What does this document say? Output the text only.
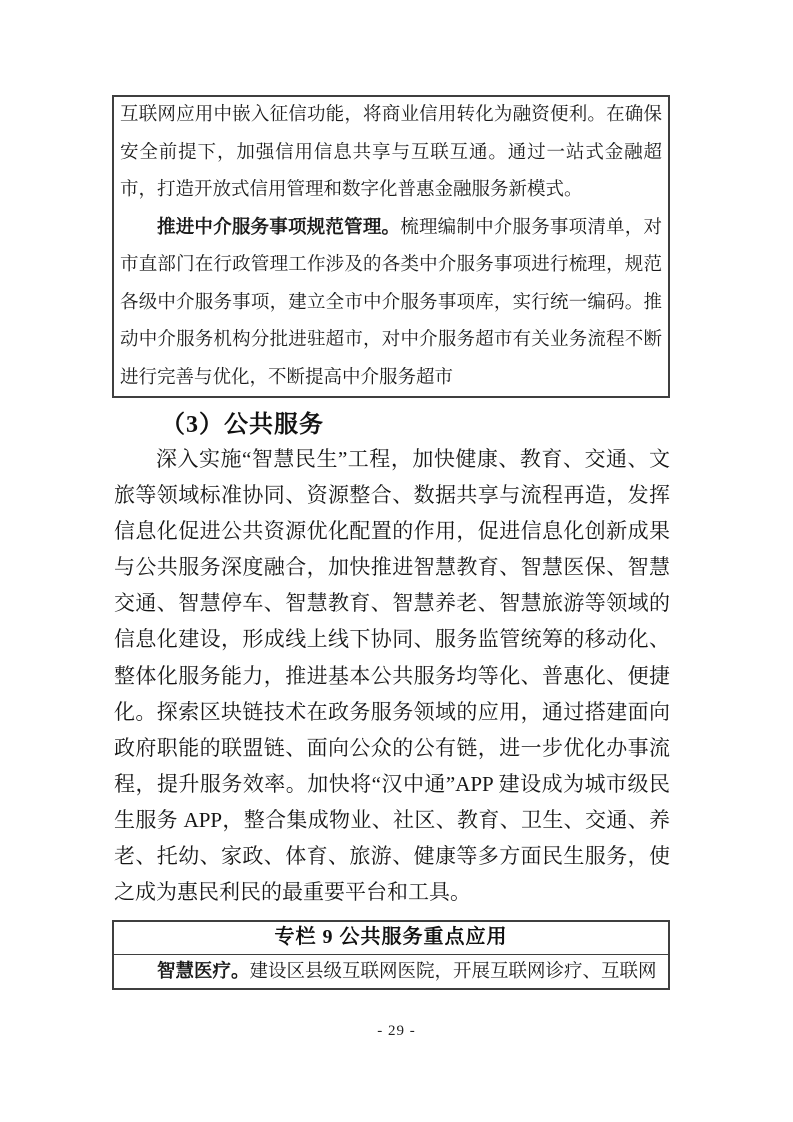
互联网应用中嵌入征信功能，将商业信用转化为融资便利。在确保安全前提下，加强信用信息共享与互联互通。通过一站式金融超市，打造开放式信用管理和数字化普惠金融服务新模式。

推进中介服务事项规范管理。梳理编制中介服务事项清单，对市直部门在行政管理工作涉及的各类中介服务事项进行梳理，规范各级中介服务事项，建立全市中介服务事项库，实行统一编码。推动中介服务机构分批进驻超市，对中介服务超市有关业务流程不断进行完善与优化，不断提高中介服务超市

（3）公共服务

深入实施“智慧民生”工程，加快健康、教育、交通、文旅等领域标准协同、资源整合、数据共享与流程再造，发挥信息化促进公共资源优化配置的作用，促进信息化创新成果与公共服务深度融合，加快推进智慧教育、智慧医保、智慧交通、智慧停车、智慧教育、智慧养老、智慧旅游等领域的信息化建设，形成线上线下协同、服务监管统筹的移动化、整体化服务能力，推进基本公共服务均等化、普惠化、便捷化。探索区块链技术在政务服务领域的应用，通过搭建面向政府职能的联盟链、面向公众的公有链，进一步优化办事流程，提升服务效率。加快将“汉中通”APP 建设成为城市级民生服务 APP，整合集成物业、社区、教育、卫生、交通、养老、托幼、家政、体育、旅游、健康等多方面民生服务，使之成为惠民利民的最重要平台和工具。

专栏 9 公共服务重点应用
智慧医疗。建设区县级互联网医院，开展互联网诊疗、互联网
- 29 -
